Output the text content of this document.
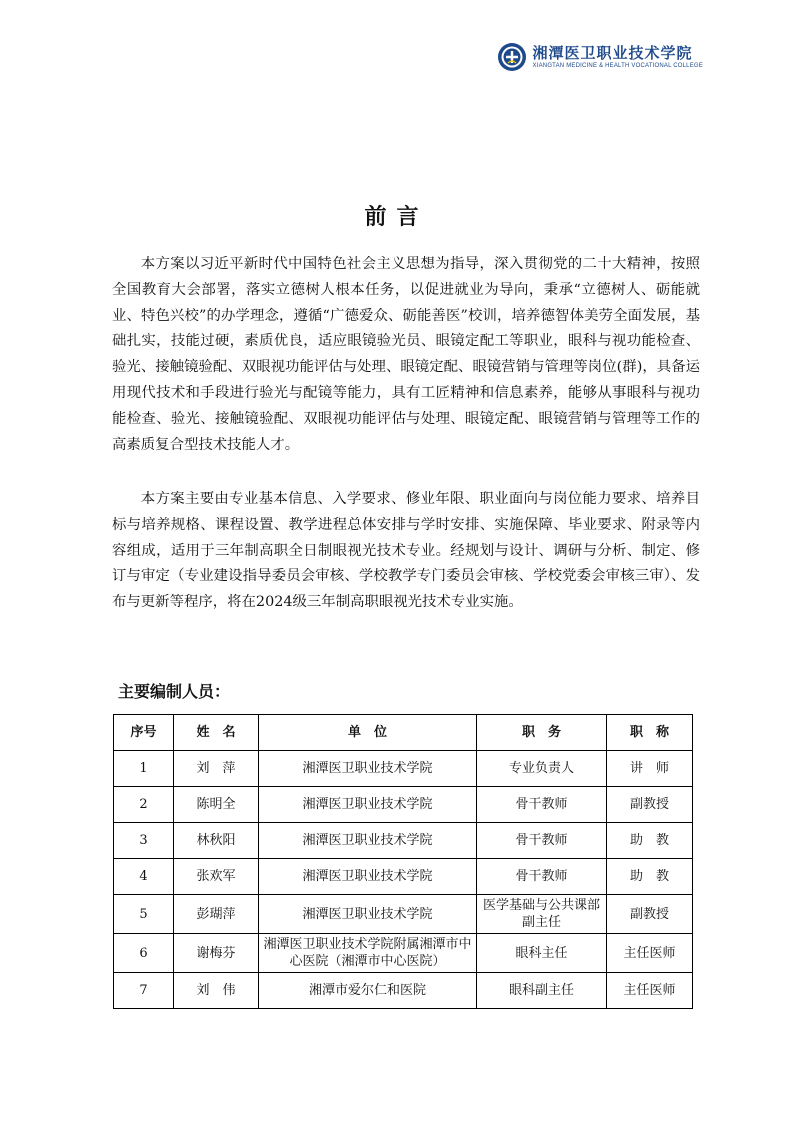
湘潭医卫职业技术学院
XIANGTAN MEDICINE & HEALTH VOCATIONAL COLLEGE
前言

本方案以习近平新时代中国特色社会主义思想为指导，深入贯彻党的二十大精神，按照全国教育大会部署，落实立德树人根本任务，以促进就业为导向，秉承“立德树人、砺能就业、特色兴校”的办学理念，遵循“广德爱众、砺能善医”校训，培养德智体美劳全面发展，基础扎实，技能过硬，素质优良，适应眼镜验光员、眼镜定配工等职业，眼科与视功能检查、验光、接触镜验配、双眼视功能评估与处理、眼镜定配、眼镜营销与管理等岗位(群)，具备运用现代技术和手段进行验光与配镜等能力，具有工匠精神和信息素养，能够从事眼科与视功能检查、验光、接触镜验配、双眼视功能评估与处理、眼镜定配、眼镜营销与管理等工作的高素质复合型技术技能人才。

本方案主要由专业基本信息、入学要求、修业年限、职业面向与岗位能力要求、培养目标与培养规格、课程设置、教学进程总体安排与学时安排、实施保障、毕业要求、附录等内容组成，适用于三年制高职全日制眼视光技术专业。经规划与设计、调研与分析、制定、修订与审定（专业建设指导委员会审核、学校教学专门委员会审核、学校党委会审核三审）、发布与更新等程序，将在2024级三年制高职眼视光技术专业实施。

主要编制人员：
序号	姓　名	单　位	职　务	职　称
1	刘　萍	湘潭医卫职业技术学院	专业负责人	讲　师
2	陈明全	湘潭医卫职业技术学院	骨干教师	副教授
3	林秋阳	湘潭医卫职业技术学院	骨干教师	助　教
4	张欢军	湘潭医卫职业技术学院	骨干教师	助　教
5	彭瑚萍	湘潭医卫职业技术学院	医学基础与公共课部副主任	副教授
6	谢梅芬	湘潭医卫职业技术学院附属湘潭市中心医院（湘潭市中心医院）	眼科主任	主任医师
7	刘　伟	湘潭市爱尔仁和医院	眼科副主任	主任医师
